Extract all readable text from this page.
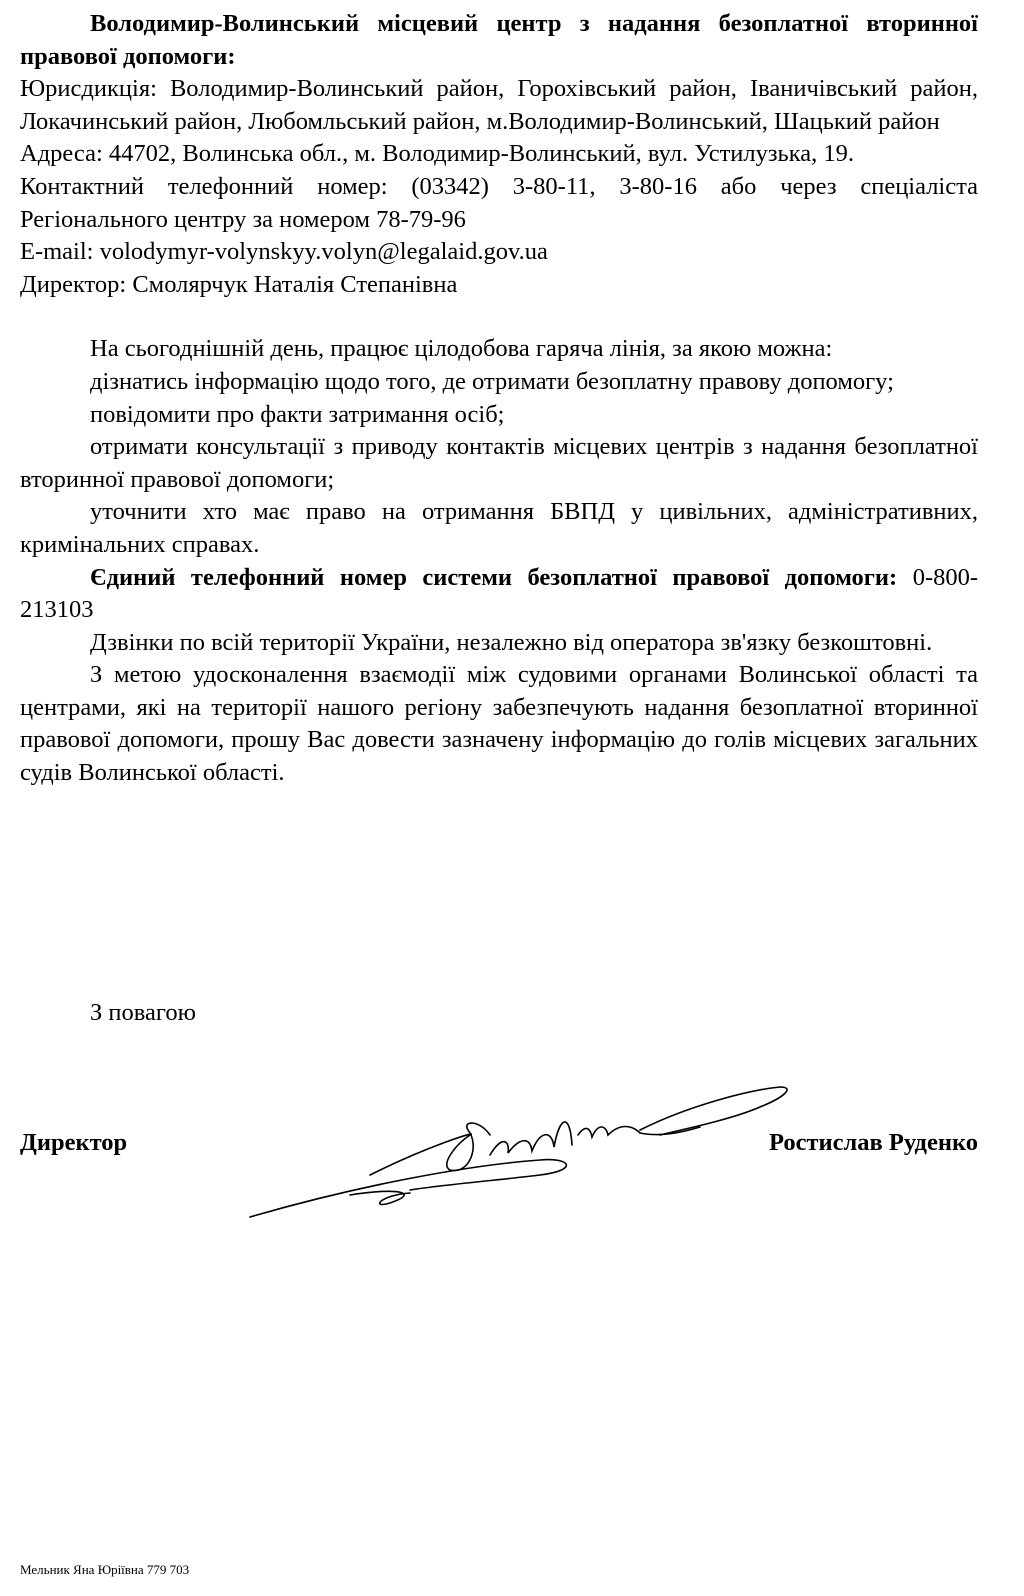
Володимир-Волинський місцевий центр з надання безоплатної вторинної правової допомоги:

Юрисдикція: Володимир-Волинський район, Горохівський район, Іваничівський район, Локачинський район, Любомльський район, м.Володимир-Волинський, Шацький район

Адреса: 44702, Волинська обл., м. Володимир-Волинський, вул. Устилузька, 19.

Контактний телефонний номер: (03342) 3-80-11, 3-80-16 або через спеціаліста Регіонального центру за номером 78-79-96

E-mail: volodymyr-volynskyy.volyn@legalaid.gov.ua

Директор: Смолярчук Наталія Степанівна

На сьогоднішній день, працює цілодобова гаряча лінія, за якою можна:

дізнатись інформацію щодо того, де отримати безоплатну правову допомогу;

повідомити про факти затримання осіб;

отримати консультації з приводу контактів місцевих центрів з надання безоплатної вторинної правової допомоги;

уточнити хто має право на отримання БВПД у цивільних, адміністративних, кримінальних справах.

Єдиний телефонний номер системи безоплатної правової допомоги: 0-800-213103

Дзвінки по всій території України, незалежно від оператора зв'язку безкоштовні.

З метою удосконалення взаємодії між судовими органами Волинської області та центрами, які на території нашого регіону забезпечують надання безоплатної вторинної правової допомоги, прошу Вас довести зазначену інформацію до голів місцевих загальних судів Волинської області.

З повагою
Директор	Ростислав Руденко
Мельник Яна Юріївна 779 703
